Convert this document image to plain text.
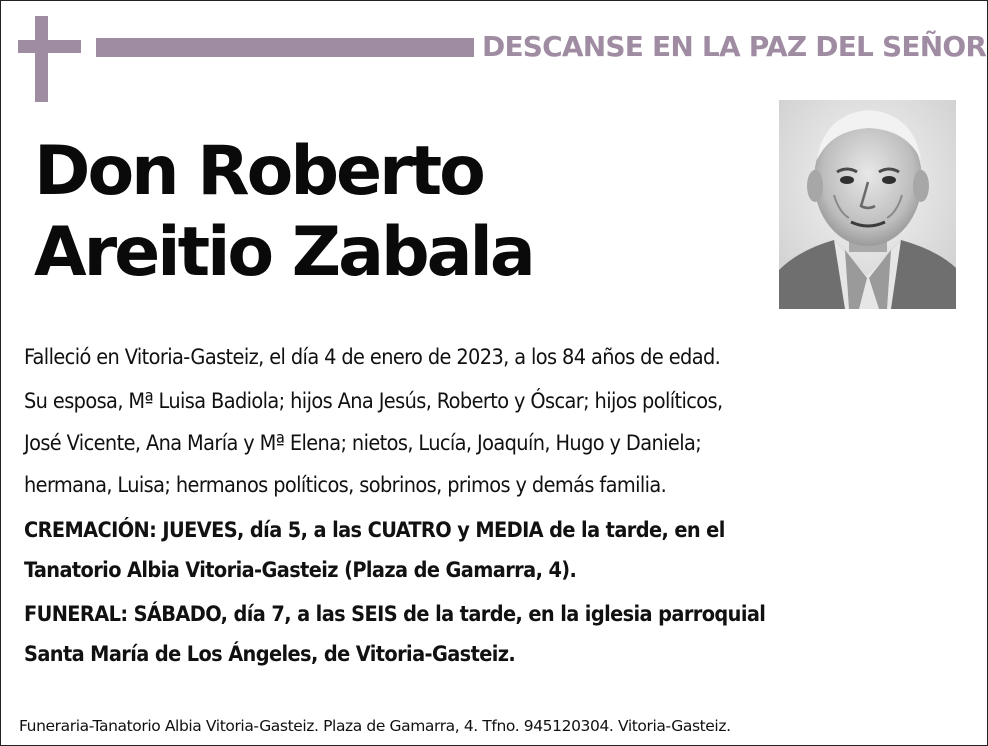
DESCANSE EN LA PAZ DEL SEÑOR
Don Roberto
Areitio Zabala

Falleció en Vitoria-Gasteiz, el día 4 de enero de 2023, a los 84 años de edad.

Su esposa, Mª Luisa Badiola; hijos Ana Jesús, Roberto y Óscar; hijos políticos,
José Vicente, Ana María y Mª Elena; nietos, Lucía, Joaquín, Hugo y Daniela;
hermana, Luisa; hermanos políticos, sobrinos, primos y demás familia.
CREMACIÓN: JUEVES, día 5, a las CUATRO y MEDIA de la tarde, en el
Tanatorio Albia Vitoria-Gasteiz (Plaza de Gamarra, 4).
FUNERAL: SÁBADO, día 7, a las SEIS de la tarde, en la iglesia parroquial
Santa María de Los Ángeles, de Vitoria-Gasteiz.
Funeraria-Tanatorio Albia Vitoria-Gasteiz. Plaza de Gamarra, 4. Tfno. 945120304. Vitoria-Gasteiz.
